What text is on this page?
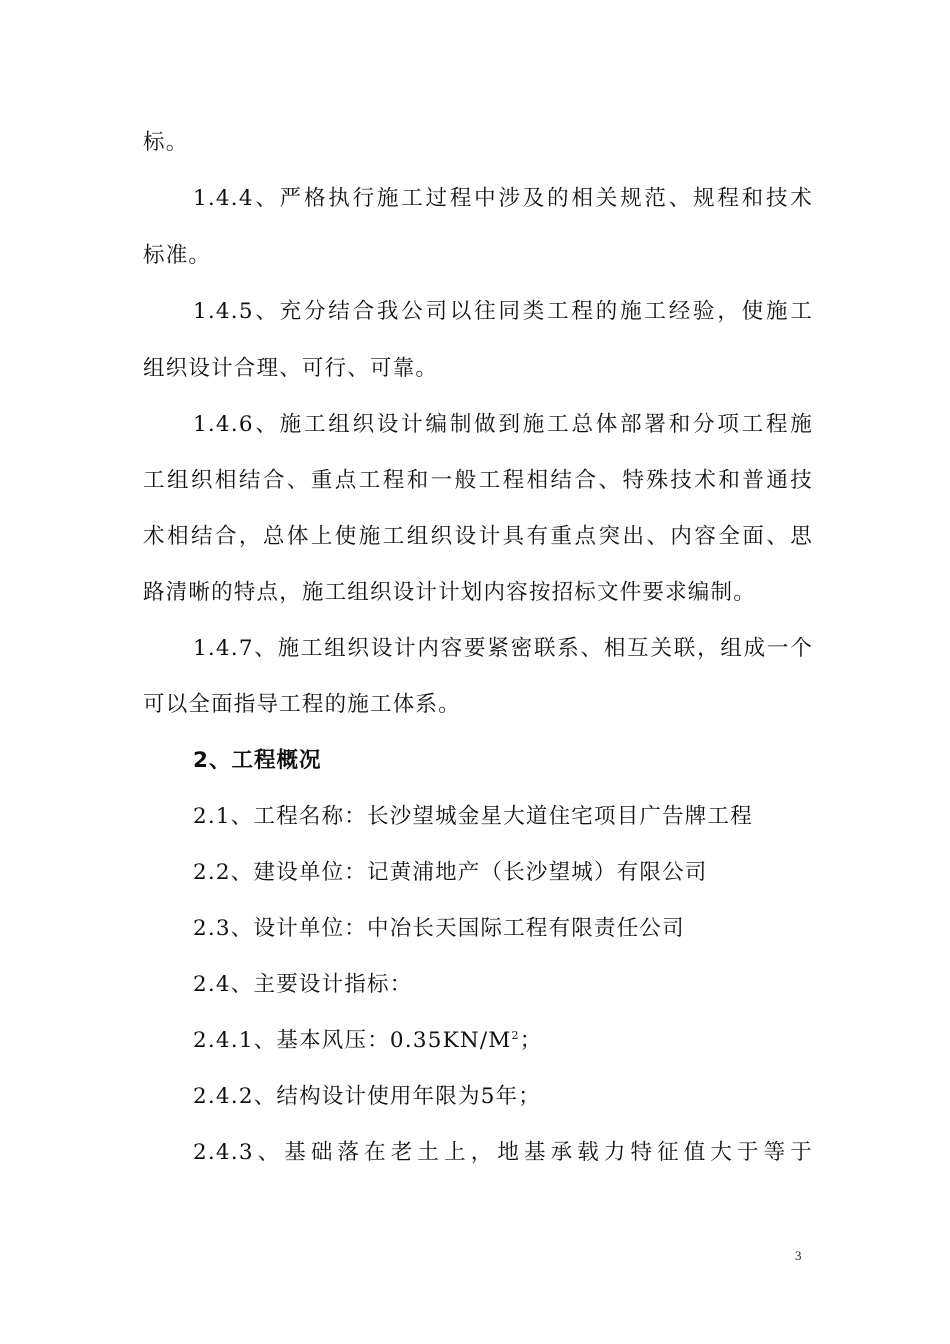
标。
1.4.4、严格执行施工过程中涉及的相关规范、规程和技术
标准。
1.4.5、充分结合我公司以往同类工程的施工经验，使施工
组织设计合理、可行、可靠。
1.4.6、施工组织设计编制做到施工总体部署和分项工程施
工组织相结合、重点工程和一般工程相结合、特殊技术和普通技
术相结合，总体上使施工组织设计具有重点突出、内容全面、思
路清晰的特点，施工组织设计计划内容按招标文件要求编制。
1.4.7、施工组织设计内容要紧密联系、相互关联，组成一个
可以全面指导工程的施工体系。
2、工程概况
2.1、工程名称：长沙望城金星大道住宅项目广告牌工程
2.2、建设单位：记黄浦地产（长沙望城）有限公司
2.3、设计单位：中冶长天国际工程有限责任公司
2.4、主要设计指标：
2.4.1、基本风压：$0.35KN/M^2$；
2.4.2、结构设计使用年限为5年；
2.4.3、基础落在老土上，地基承载力特征值大于等于
3
